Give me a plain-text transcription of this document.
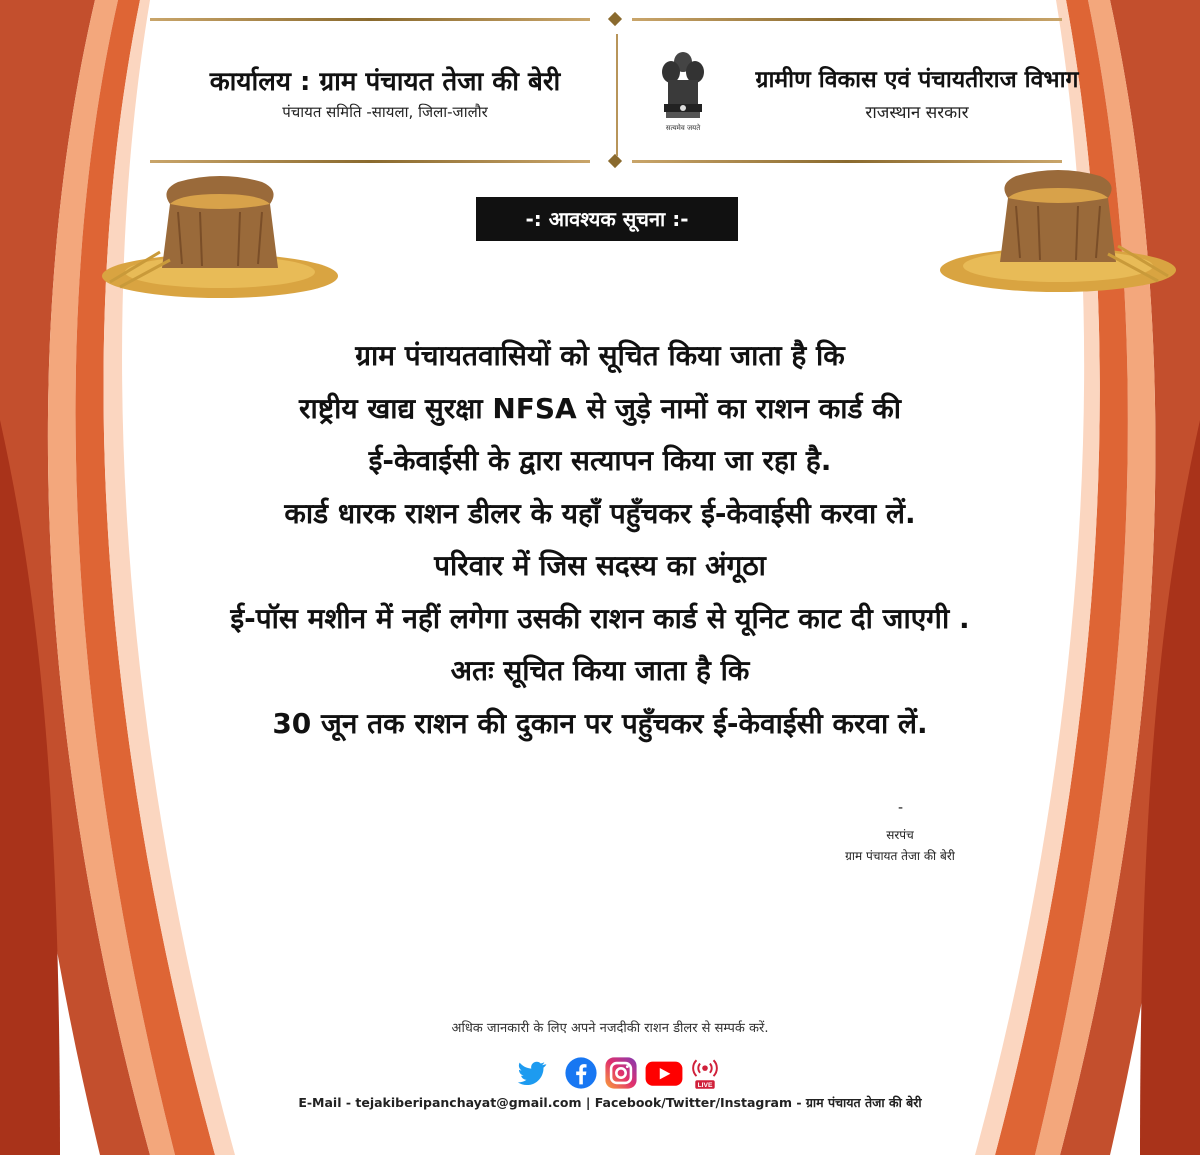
कार्यालय : ग्राम पंचायत तेजा की बेरी
पंचायत समिति -सायला, जिला-जालौर
सत्यमेव जयते
ग्रामीण विकास एवं पंचायतीराज विभाग
राजस्थान सरकार
-: आवश्यक सूचना :-
ग्राम पंचायतवासियों को सूचित किया जाता है कि
राष्ट्रीय खाद्य सुरक्षा NFSA से जुड़े नामों का राशन कार्ड की
ई-केवाईसी के द्वारा सत्यापन किया जा रहा है.
कार्ड धारक राशन डीलर के यहाँ पहुँचकर ई-केवाईसी करवा लें.
परिवार में जिस सदस्य का अंगूठा
ई-पॉस मशीन में नहीं लगेगा उसकी राशन कार्ड से यूनिट काट दी जाएगी .
अतः सूचित किया जाता है कि
30 जून तक राशन की दुकान पर पहुँचकर ई-केवाईसी करवा लें.
-
सरपंच
ग्राम पंचायत तेजा की बेरी
अधिक जानकारी के लिए अपने नजदीकी राशन डीलर से सम्पर्क करें.
LIVE
E-Mail - tejakiberipanchayat@gmail.com | Facebook/Twitter/Instagram - ग्राम पंचायत तेजा की बेरी
